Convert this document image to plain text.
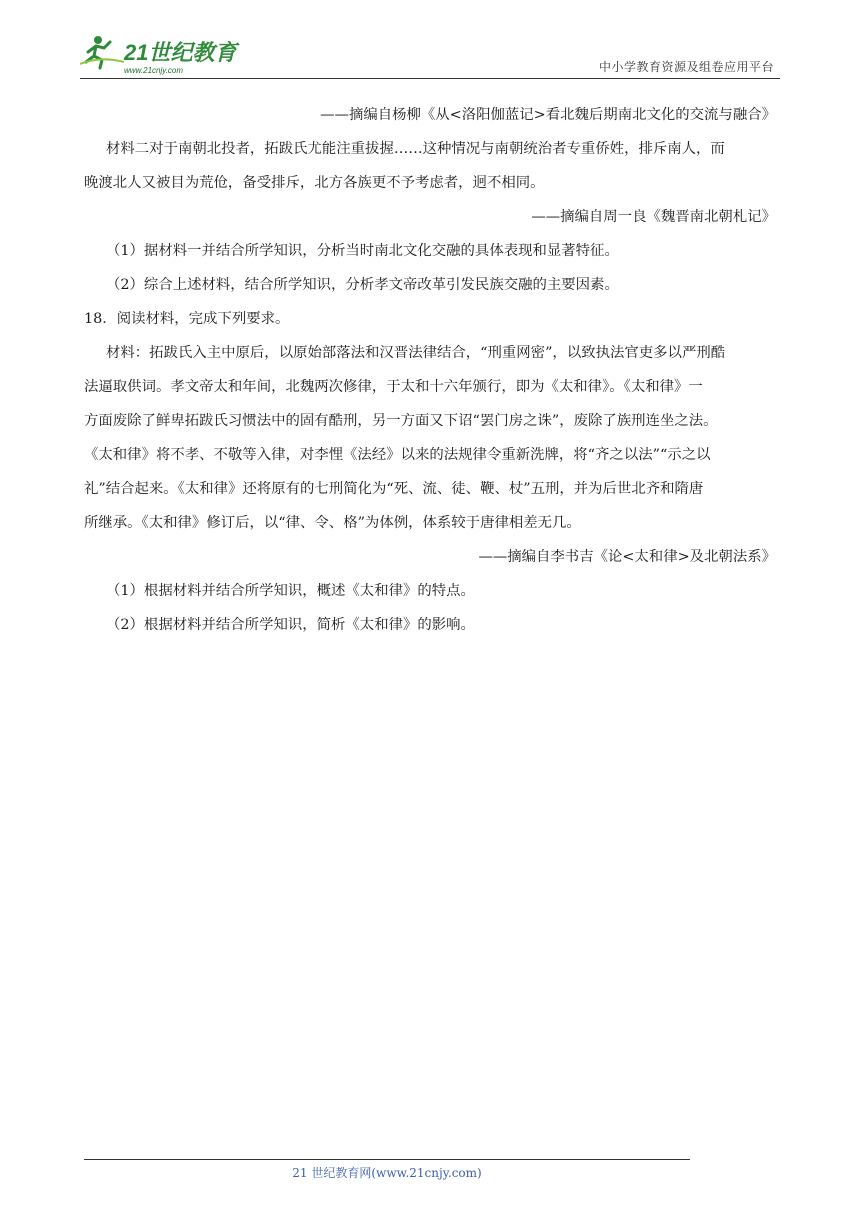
21世纪教育
www.21cnjy.com	中小学教育资源及组卷应用平台
——摘编自杨柳《从<洛阳伽蓝记>看北魏后期南北文化的交流与融合》
材料二对于南朝北投者，拓跋氏尤能注重拔握……这种情况与南朝统治者专重侨姓，排斥南人，而
晚渡北人又被目为荒伧，备受排斥，北方各族更不予考虑者，迥不相同。
——摘编自周一良《魏晋南北朝札记》
（1）据材料一并结合所学知识，分析当时南北文化交融的具体表现和显著特征。
（2）综合上述材料，结合所学知识，分析孝文帝改革引发民族交融的主要因素。
18．阅读材料，完成下列要求。
材料：拓跋氏入主中原后，以原始部落法和汉晋法律结合，“刑重网密”，以致执法官吏多以严刑酷
法逼取供词。孝文帝太和年间，北魏两次修律，于太和十六年颁行，即为《太和律》。《太和律》一
方面废除了鲜卑拓跋氏习惯法中的固有酷刑，另一方面又下诏“罢门房之诛”，废除了族刑连坐之法。
《太和律》将不孝、不敬等入律，对李悝《法经》以来的法规律令重新洗牌，将“齐之以法”“示之以
礼”结合起来。《太和律》还将原有的七刑简化为“死、流、徒、鞭、杖”五刑，并为后世北齐和隋唐
所继承。《太和律》修订后，以“律、令、格”为体例，体系较于唐律相差无几。
——摘编自李书吉《论<太和律>及北朝法系》
（1）根据材料并结合所学知识，概述《太和律》的特点。
（2）根据材料并结合所学知识，简析《太和律》的影响。
21 世纪教育网(www.21cnjy.com)
